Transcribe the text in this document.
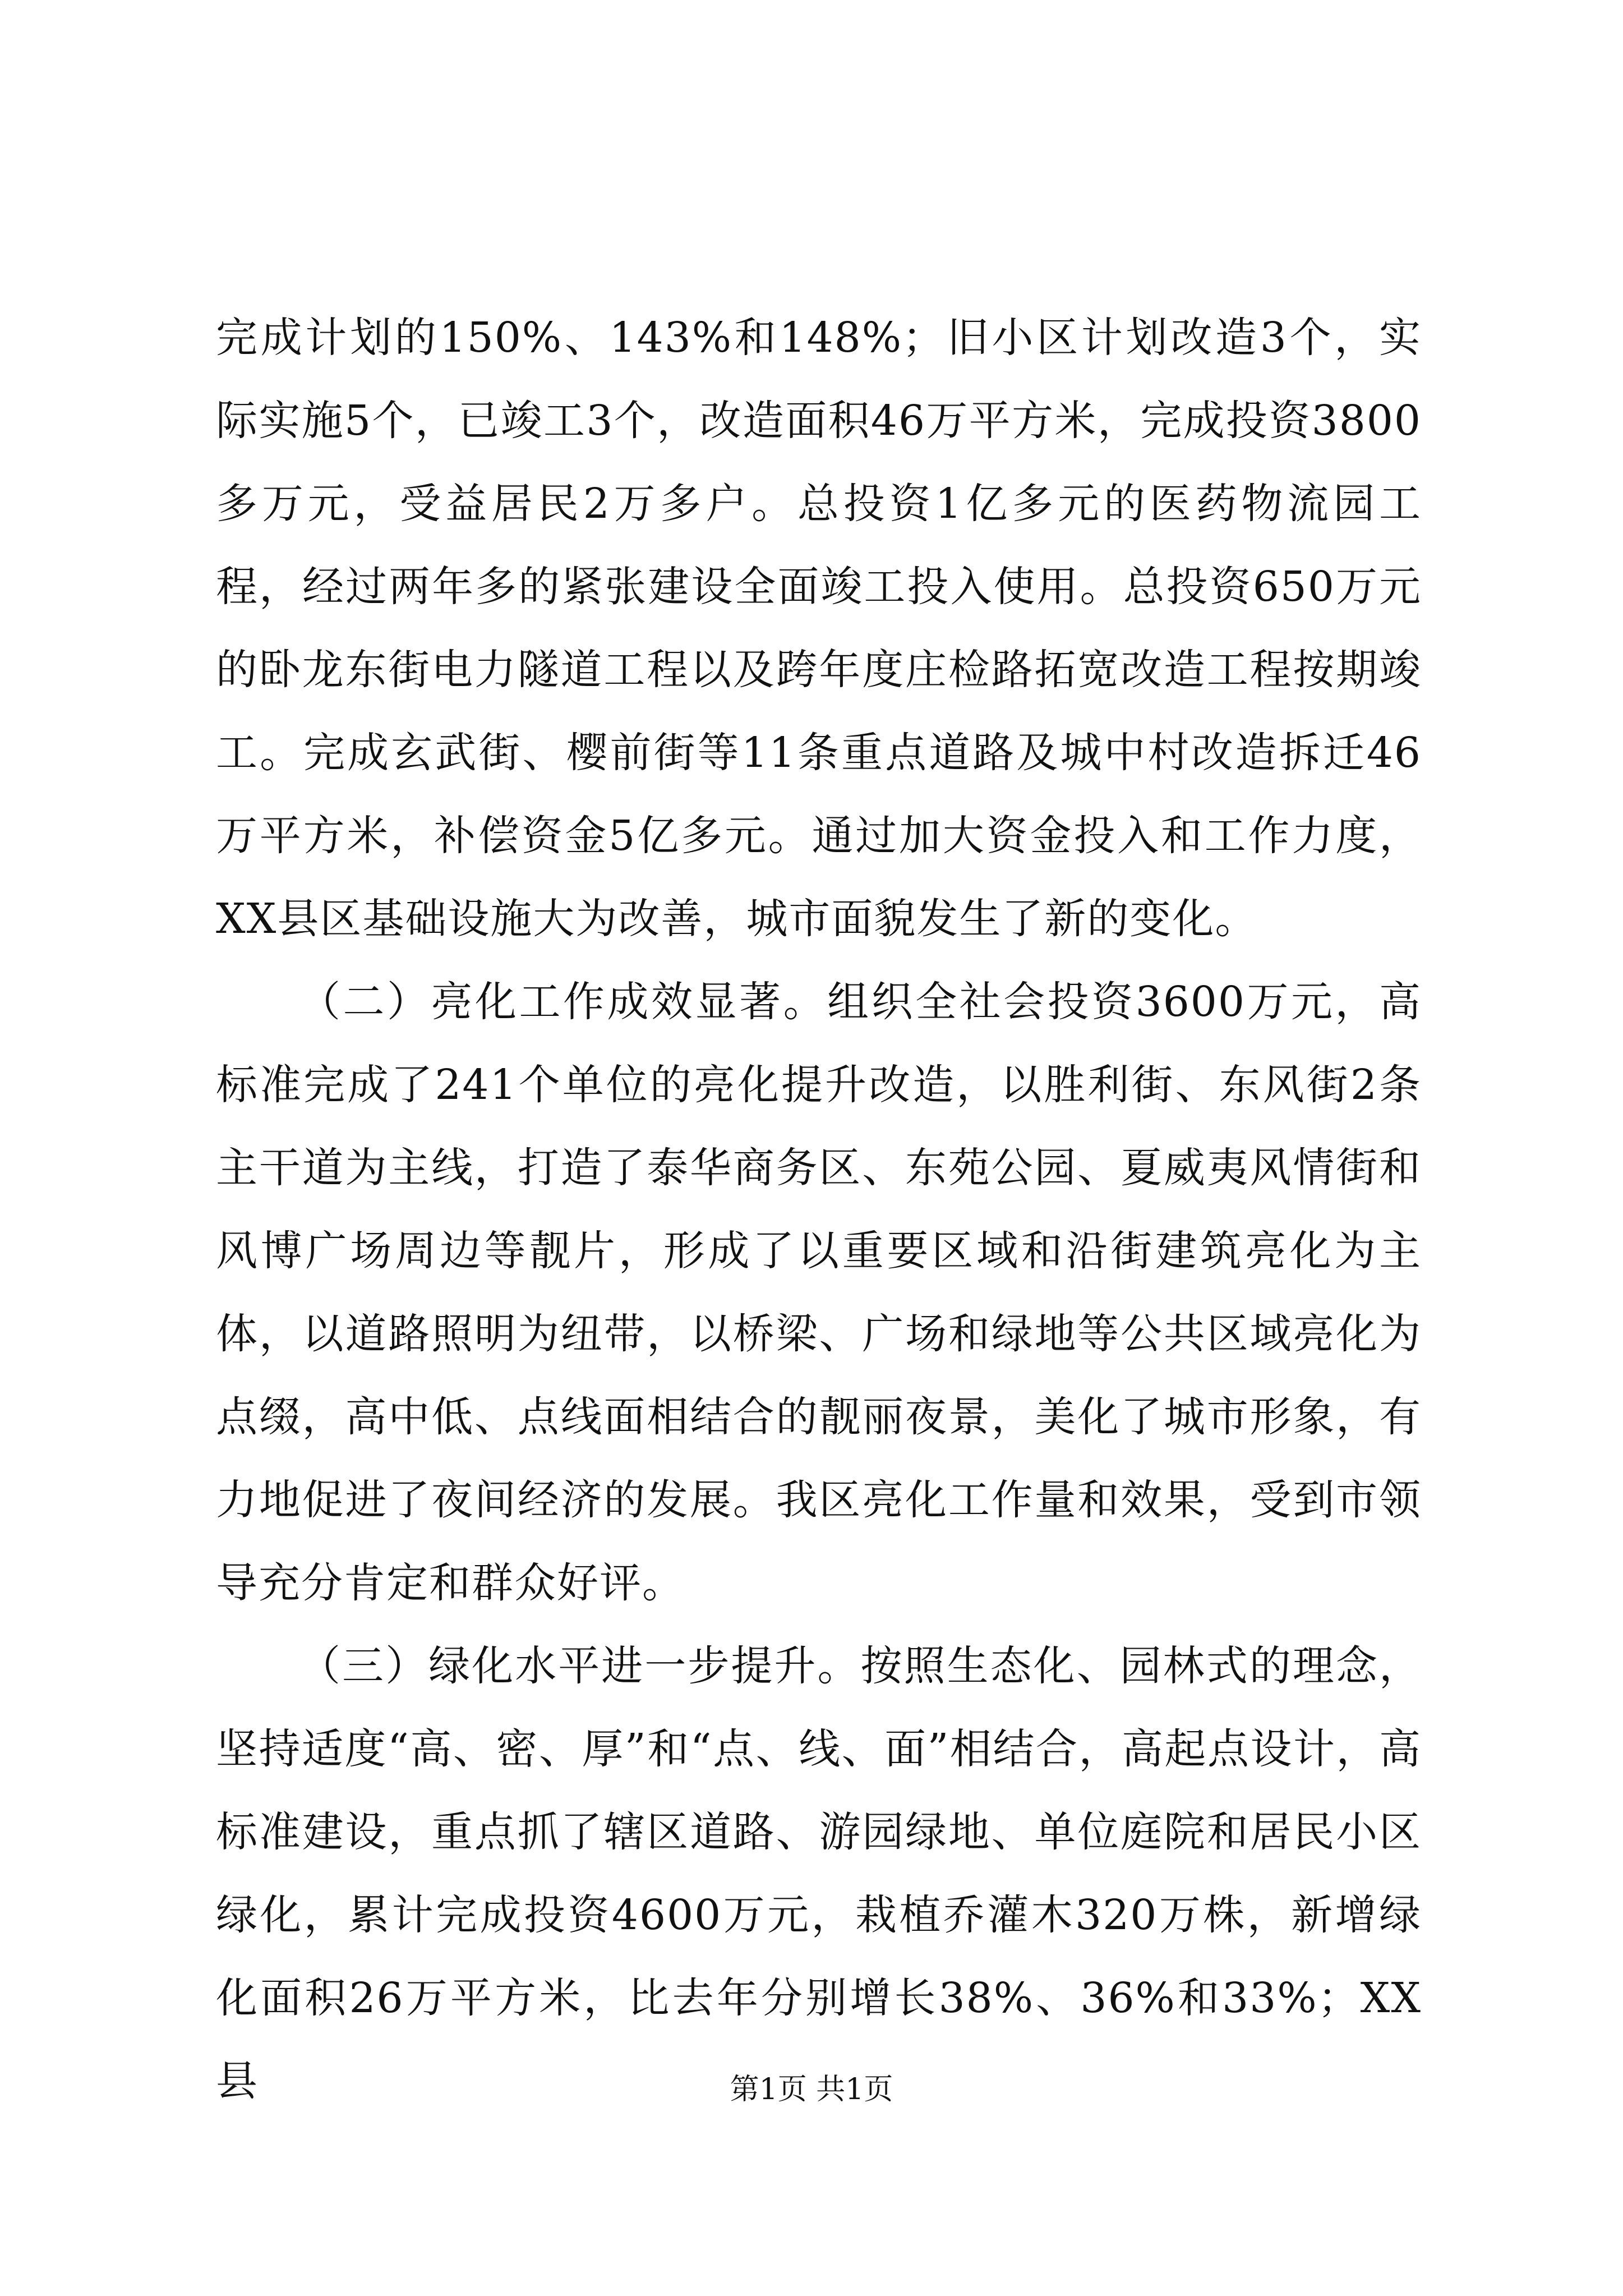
完成计划的150%、143%和148%；旧小区计划改造3个，实际实施5个，已竣工3个，改造面积46万平方米，完成投资3800多万元，受益居民2万多户。总投资1亿多元的医药物流园工程，经过两年多的紧张建设全面竣工投入使用。总投资650万元的卧龙东街电力隧道工程以及跨年度庄检路拓宽改造工程按期竣工。完成玄武街、樱前街等11条重点道路及城中村改造拆迁46万平方米，补偿资金5亿多元。通过加大资金投入和工作力度，XX县区基础设施大为改善，城市面貌发生了新的变化。

（二）亮化工作成效显著。组织全社会投资3600万元，高标准完成了241个单位的亮化提升改造，以胜利街、东风街2条主干道为主线，打造了泰华商务区、东苑公园、夏威夷风情街和风博广场周边等靓片，形成了以重要区域和沿街建筑亮化为主体，以道路照明为纽带，以桥梁、广场和绿地等公共区域亮化为点缀，高中低、点线面相结合的靓丽夜景，美化了城市形象，有力地促进了夜间经济的发展。我区亮化工作量和效果，受到市领导充分肯定和群众好评。

（三）绿化水平进一步提升。按照生态化、园林式的理念，坚持适度“高、密、厚”和“点、线、面”相结合，高起点设计，高标准建设，重点抓了辖区道路、游园绿地、单位庭院和居民小区绿化，累计完成投资4600万元，栽植乔灌木320万株，新增绿化面积26万平方米，比去年分别增长38%、36%和33%；XX县	第1页 共1页
